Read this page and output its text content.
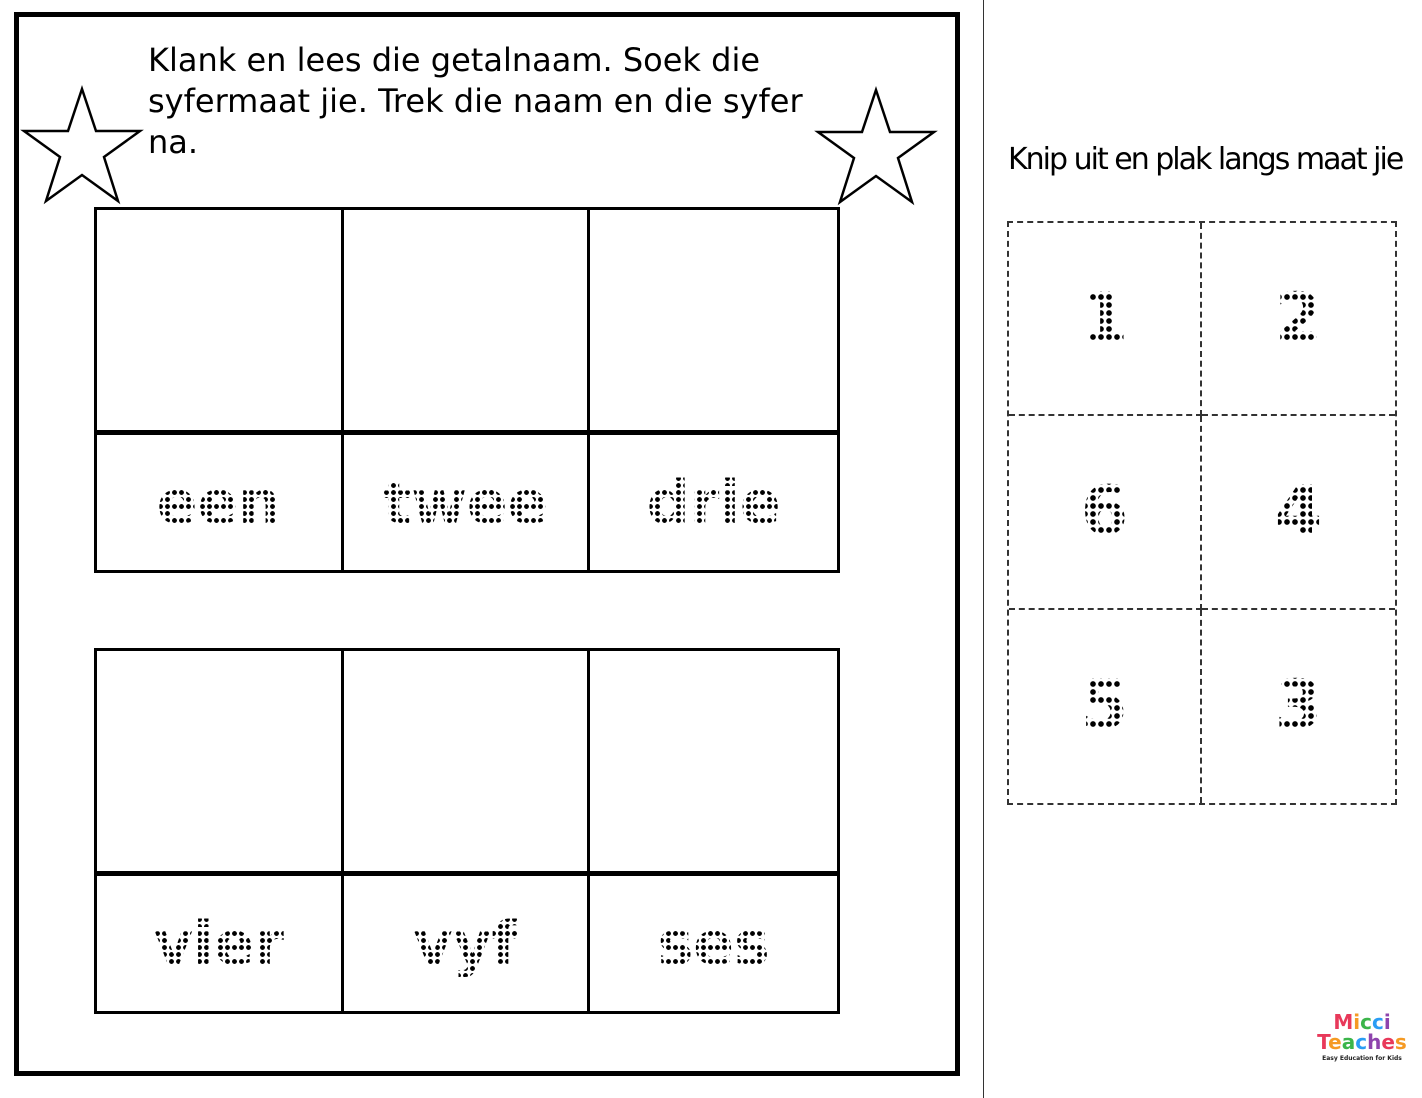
Klank en lees die getalnaam. Soek die syfermaat jie. Trek die naam en die syfer na.

een twee drie
vier vyf ses

Knip uit en plak langs maat jie

1 2
6 4
5 3
Micci
Teaches
Easy Education for Kids
